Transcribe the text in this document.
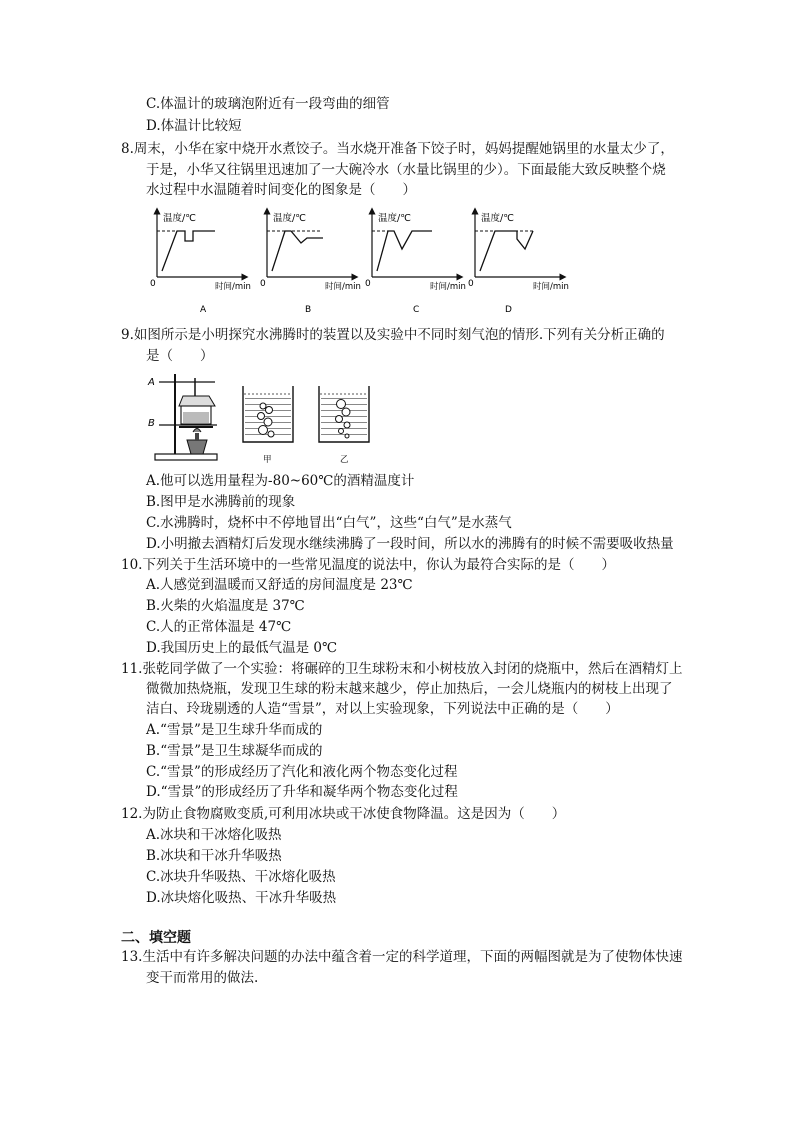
C.体温计的玻璃泡附近有一段弯曲的细管
D.体温计比较短
8.周末，小华在家中烧开水煮饺子。当水烧开准备下饺子时，妈妈提醒她锅里的水量太少了，
于是，小华又往锅里迅速加了一大碗冷水（水量比锅里的少）。下面最能大致反映整个烧
水过程中水温随着时间变化的图象是（　　）
温度/℃
0	时间/min
A
温度/℃
0	时间/min
B
温度/℃
0	时间/min
C
温度/℃
0	时间/min
D
9.如图所示是小明探究水沸腾时的装置以及实验中不同时刻气泡的情形.下列有关分析正确的
是（　　）
A
B
甲	乙
A.他可以选用量程为-80~60℃的酒精温度计
B.图甲是水沸腾前的现象
C.水沸腾时，烧杯中不停地冒出“白气”，这些“白气”是水蒸气
D.小明撤去酒精灯后发现水继续沸腾了一段时间，所以水的沸腾有的时候不需要吸收热量
10.下列关于生活环境中的一些常见温度的说法中，你认为最符合实际的是（　　）
A.人感觉到温暖而又舒适的房间温度是 23℃
B.火柴的火焰温度是 37℃
C.人的正常体温是 47℃
D.我国历史上的最低气温是 0℃
11.张乾同学做了一个实验：将碾碎的卫生球粉末和小树枝放入封闭的烧瓶中，然后在酒精灯上
微微加热烧瓶，发现卫生球的粉末越来越少，停止加热后，一会儿烧瓶内的树枝上出现了
洁白、玲珑剔透的人造“雪景”，对以上实验现象，下列说法中正确的是（　　）
A.“雪景”是卫生球升华而成的
B.“雪景”是卫生球凝华而成的
C.“雪景”的形成经历了汽化和液化两个物态变化过程
D.“雪景”的形成经历了升华和凝华两个物态变化过程
12.为防止食物腐败变质,可利用冰块或干冰使食物降温。这是因为（　　）
A.冰块和干冰熔化吸热
B.冰块和干冰升华吸热
C.冰块升华吸热、干冰熔化吸热
D.冰块熔化吸热、干冰升华吸热
二、填空题
13.生活中有许多解决问题的办法中蕴含着一定的科学道理，下面的两幅图就是为了使物体快速
变干而常用的做法.
